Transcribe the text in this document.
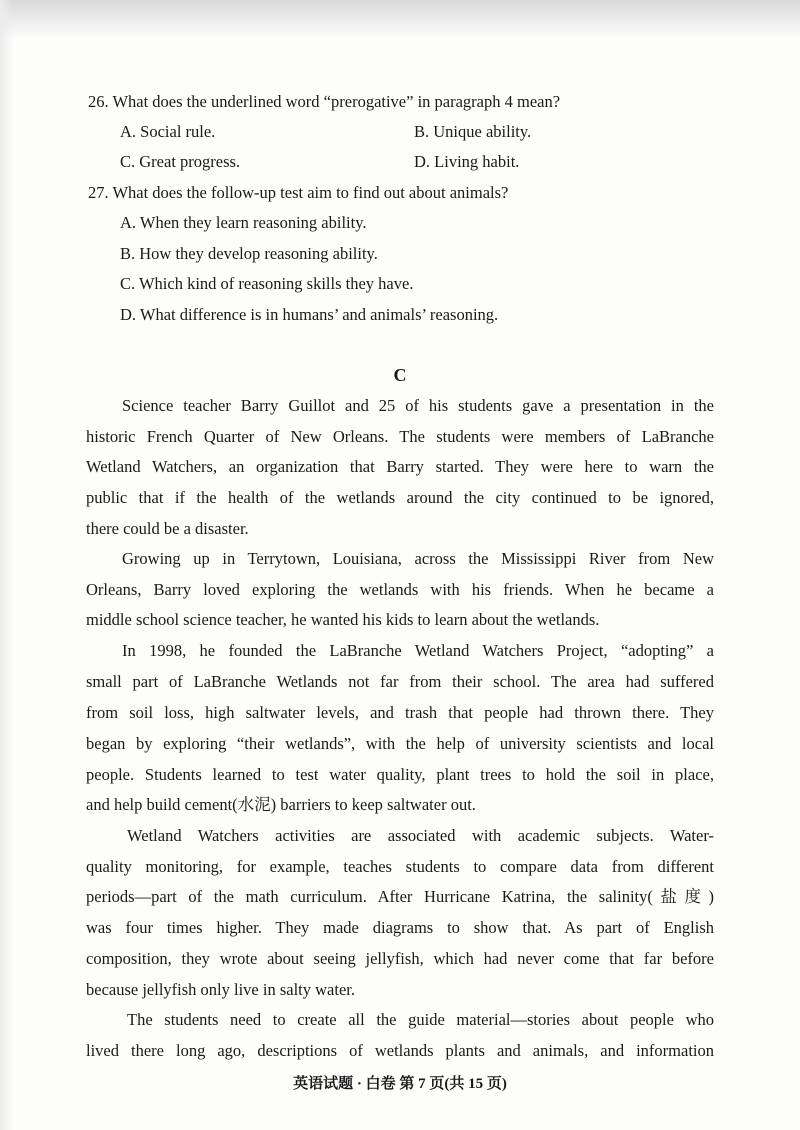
26. What does the underlined word “prerogative” in paragraph 4 mean?
A. Social rule.	B. Unique ability.
C. Great progress.	D. Living habit.
27. What does the follow-up test aim to find out about animals?
A. When they learn reasoning ability.
B. How they develop reasoning ability.
C. Which kind of reasoning skills they have.
D. What difference is in humans’ and animals’ reasoning.
C
Science teacher Barry Guillot and 25 of his students gave a presentation in the
historic French Quarter of New Orleans. The students were members of LaBranche
Wetland Watchers, an organization that Barry started. They were here to warn the
public that if the health of the wetlands around the city continued to be ignored,
there could be a disaster.
Growing up in Terrytown, Louisiana, across the Mississippi River from New
Orleans, Barry loved exploring the wetlands with his friends. When he became a
middle school science teacher, he wanted his kids to learn about the wetlands.
In 1998, he founded the LaBranche Wetland Watchers Project, “adopting” a
small part of LaBranche Wetlands not far from their school. The area had suffered
from soil loss, high saltwater levels, and trash that people had thrown there. They
began by exploring “their wetlands”, with the help of university scientists and local
people. Students learned to test water quality, plant trees to hold the soil in place,
and help build cement(水泥) barriers to keep saltwater out.
Wetland Watchers activities are associated with academic subjects. Water-
quality monitoring, for example, teaches students to compare data from different
periods—part of the math curriculum. After Hurricane Katrina, the salinity(盐度)
was four times higher. They made diagrams to show that. As part of English
composition, they wrote about seeing jellyfish, which had never come that far before
because jellyfish only live in salty water.
The students need to create all the guide material—stories about people who
lived there long ago, descriptions of wetlands plants and animals, and information
英语试题 · 白卷 第 7 页(共 15 页)
